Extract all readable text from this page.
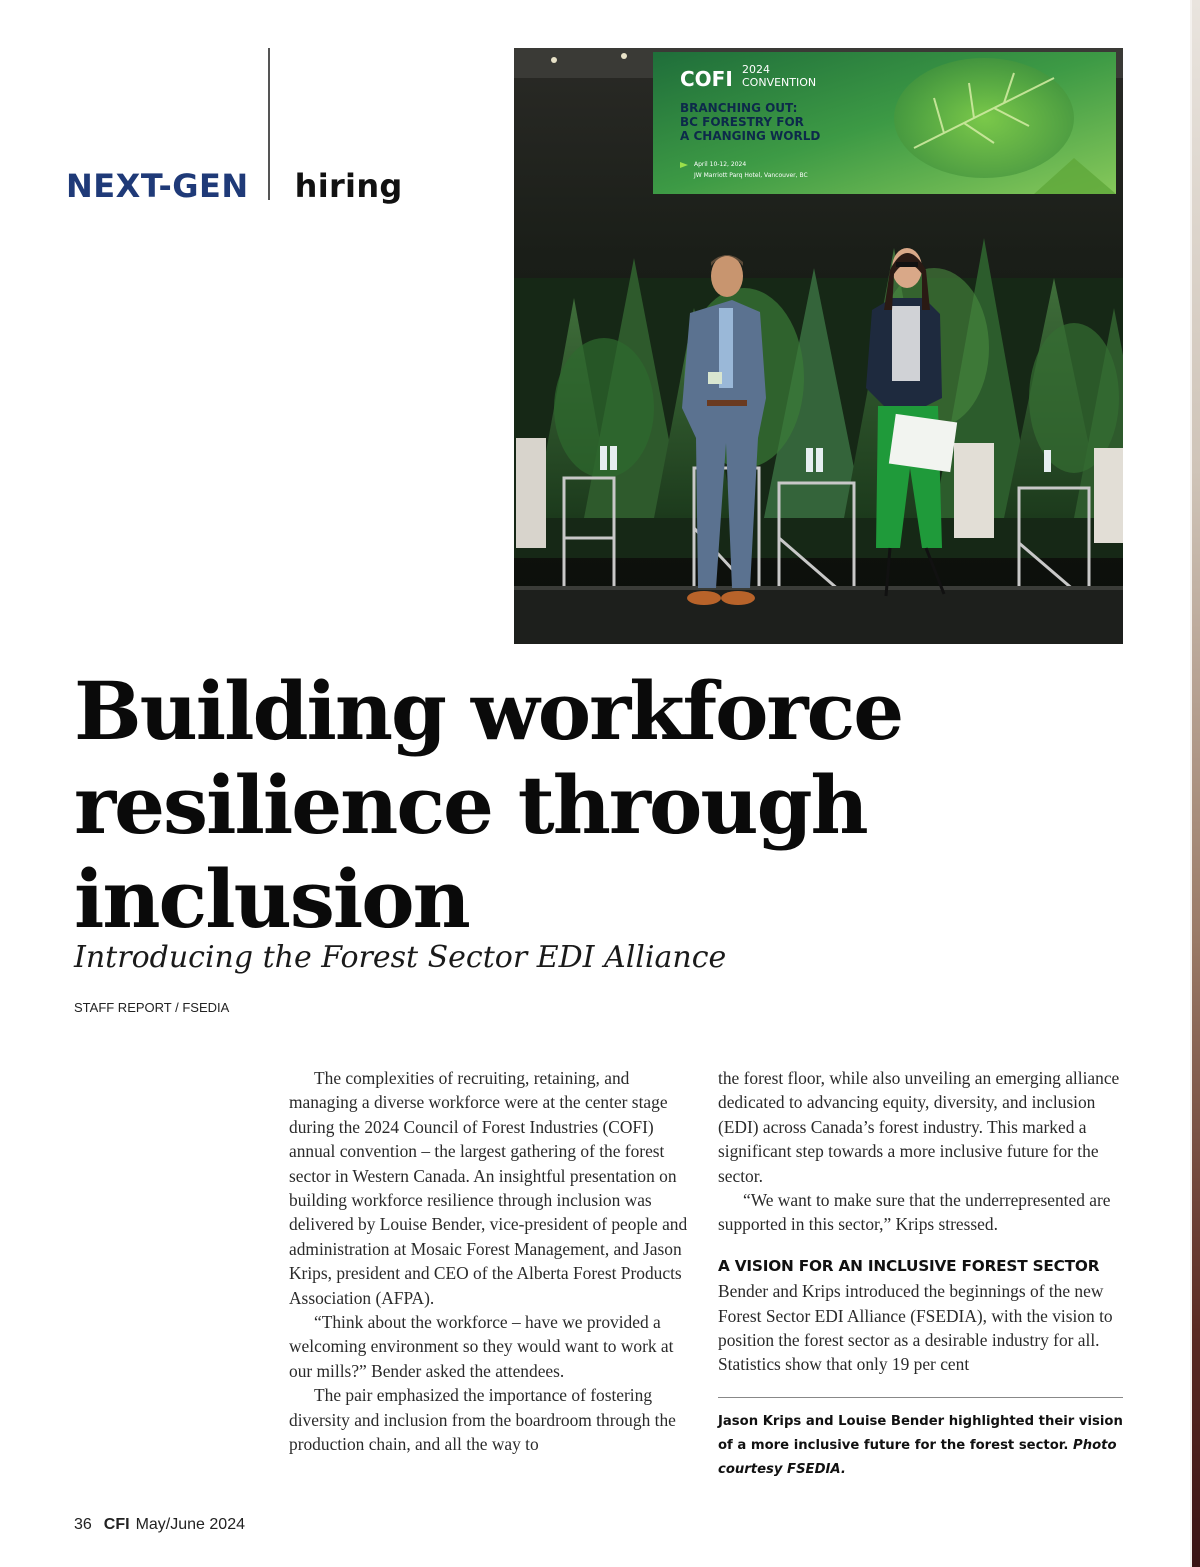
NEXT-GEN hiring
COFI 2024
CONVENTION
BRANCHING OUT:
BC FORESTRY FOR
A CHANGING WORLD
April 10-12, 2024
JW Marriott Parq Hotel, Vancouver, BC
Building workforce resilience through inclusion

Introducing the Forest Sector EDI Alliance

STAFF REPORT / FSEDIA

The complexities of recruiting, retaining, and managing a diverse workforce were at the center stage during the 2024 Council of Forest Industries (COFI) annual convention – the largest gathering of the forest sector in Western Canada. An insightful presentation on building workforce resilience through inclusion was delivered by Louise Bender, vice-president of people and administration at Mosaic Forest Management, and Jason Krips, president and CEO of the Alberta Forest Products Association (AFPA).

“Think about the workforce – have we provided a welcoming environment so they would want to work at our mills?” Bender asked the attendees.

The pair emphasized the importance of fostering diversity and inclusion from the boardroom through the production chain, and all the way to

the forest floor, while also unveiling an emerging alliance dedicated to advancing equity, diversity, and inclusion (EDI) across Canada’s forest industry. This marked a significant step towards a more inclusive future for the sector.

“We want to make sure that the underrepresented are supported in this sector,” Krips stressed.

A VISION FOR AN INCLUSIVE FOREST SECTOR

Bender and Krips introduced the beginnings of the new Forest Sector EDI Alliance (FSEDIA), with the vision to position the forest sector as a desirable industry for all. Statistics show that only 19 per cent

Jason Krips and Louise Bender highlighted their vision of a more inclusive future for the forest sector. Photo courtesy FSEDIA.
36 CFI May/June 2024
